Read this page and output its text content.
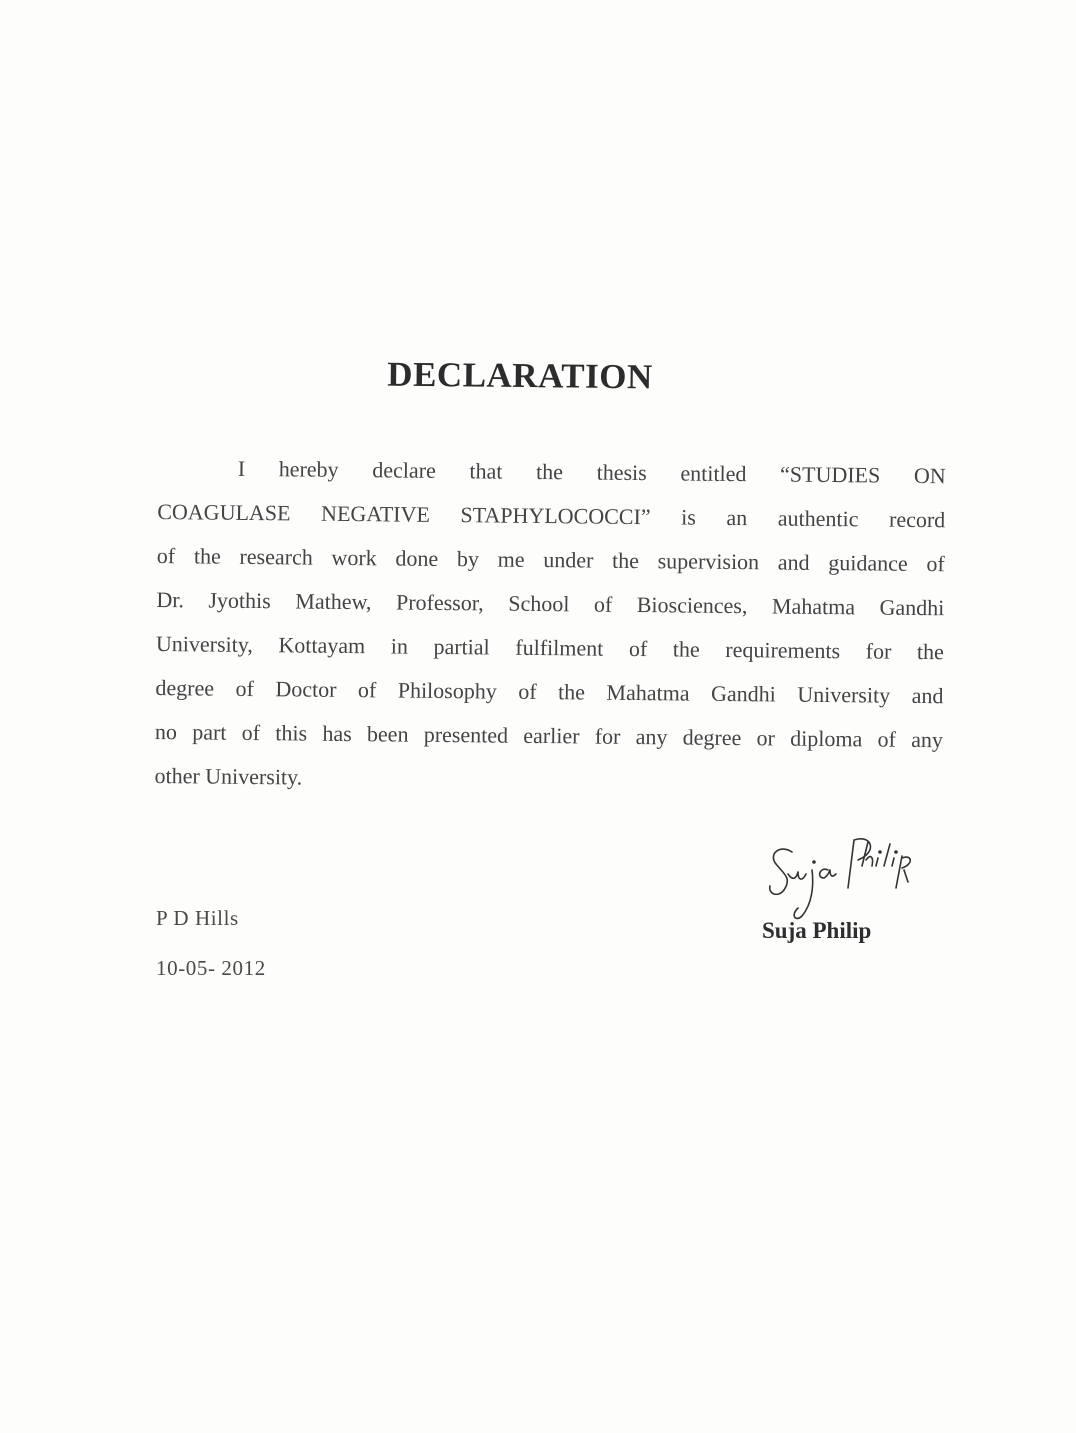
DECLARATION
I hereby declare that the thesis entitled “STUDIES ON
COAGULASE NEGATIVE STAPHYLOCOCCI” is an authentic record
of the research work done by me under the supervision and guidance of
Dr. Jyothis Mathew, Professor, School of Biosciences, Mahatma Gandhi
University, Kottayam in partial fulfilment of the requirements for the
degree of Doctor of Philosophy of the Mahatma Gandhi University and
no part of this has been presented earlier for any degree or diploma of any
other University.
P D Hills
10-05- 2012
Suja Philip
